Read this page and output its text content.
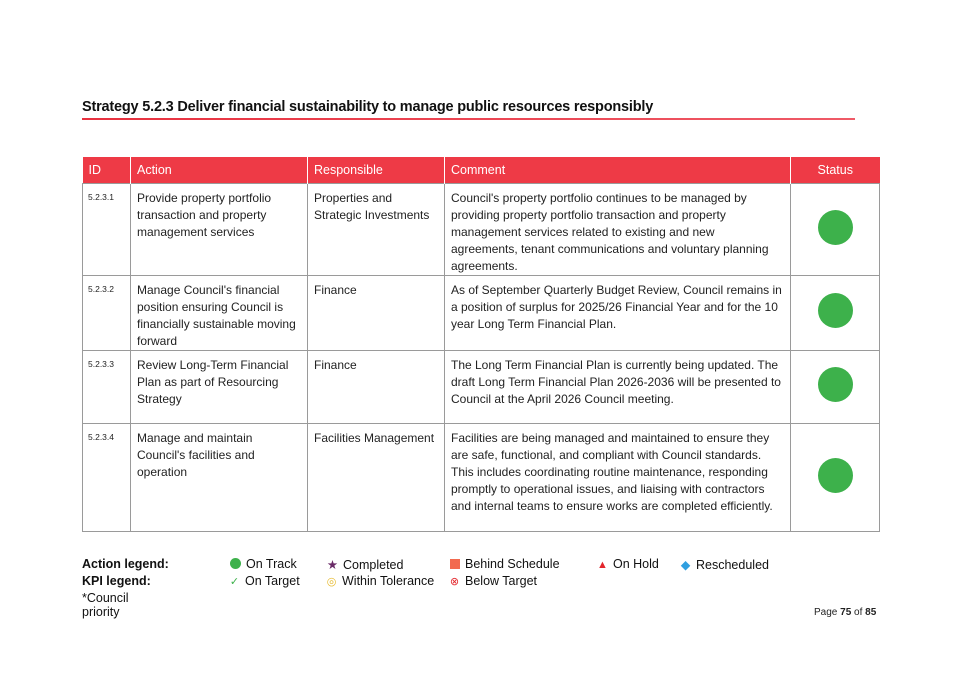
Strategy 5.2.3 Deliver financial sustainability to manage public resources responsibly
ID	Action	Responsible	Comment	Status
5.2.3.1	Provide property portfolio transaction and property management services	Properties and Strategic Investments	Council's property portfolio continues to be managed by providing property portfolio transaction and property management services related to existing and new agreements, tenant communications and voluntary planning agreements.	
5.2.3.2	Manage Council's financial position ensuring Council is financially sustainable moving forward	Finance	As of September Quarterly Budget Review, Council remains in a position of surplus for 2025/26 Financial Year and for the 10 year Long Term Financial Plan.	
5.2.3.3	Review Long-Term Financial Plan as part of Resourcing Strategy	Finance	The Long Term Financial Plan is currently being updated. The draft Long Term Financial Plan 2026-2036 will be presented to Council at the April 2026 Council meeting.	
5.2.3.4	Manage and maintain Council's facilities and operation	Facilities Management	Facilities are being managed and maintained to ensure they are safe, functional, and compliant with Council standards. This includes coordinating routine maintenance, responding promptly to operational issues, and liaising with contractors and internal teams to ensure works are completed efficiently.	
Action legend:	On Track ★ Completed	Behind Schedule	▲ On Hold ◆ Rescheduled
KPI legend:	✓ On Target ◎ Within Tolerance ⊗ Below Target
*Council priority	Page 75 of 85
